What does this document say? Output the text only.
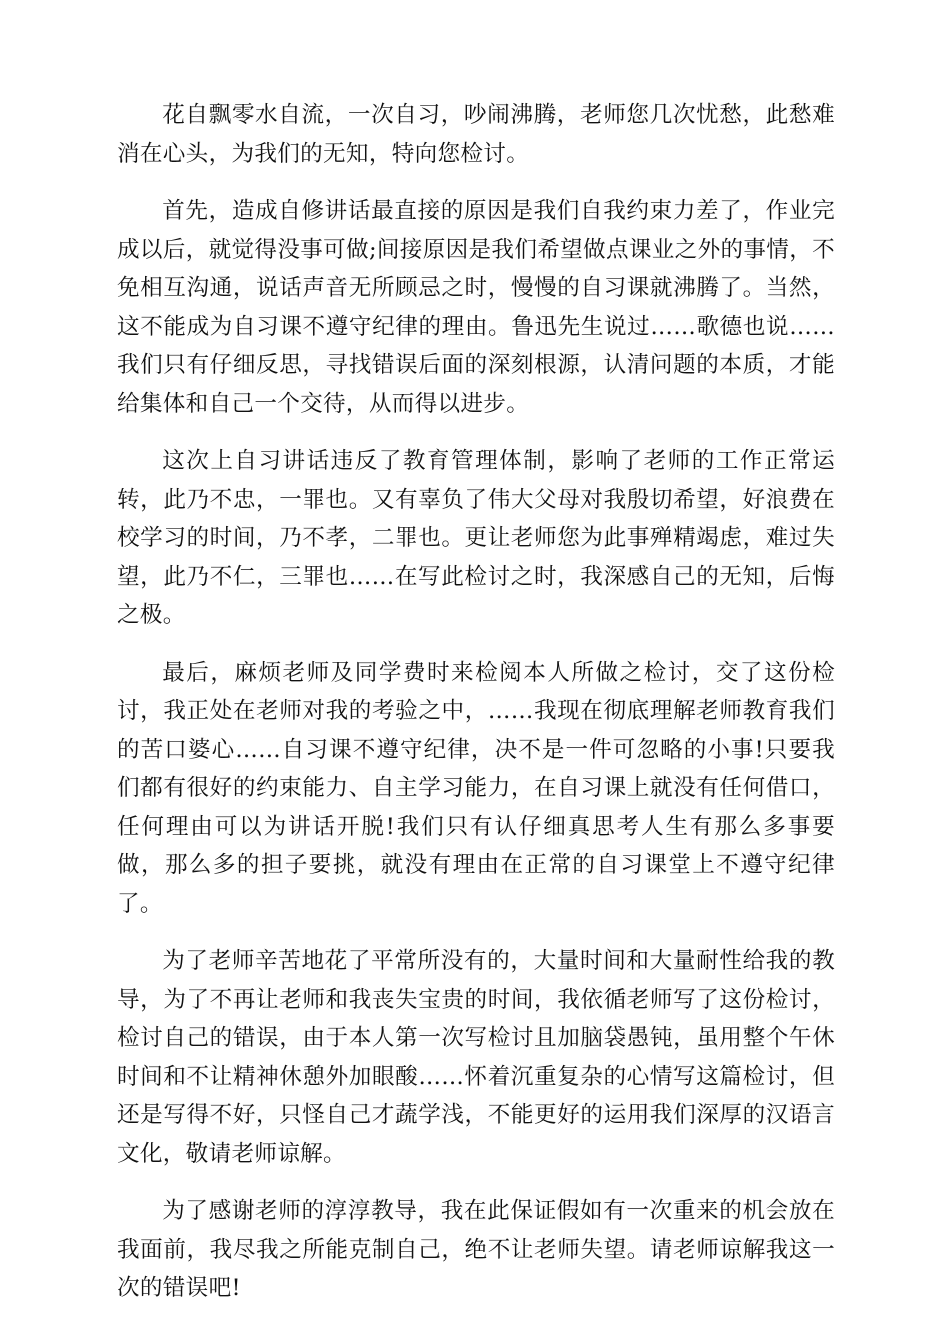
花自飘零水自流，一次自习，吵闹沸腾，老师您几次忧愁，此愁难消在心头，为我们的无知，特向您检讨。

首先，造成自修讲话最直接的原因是我们自我约束力差了，作业完成以后，就觉得没事可做;间接原因是我们希望做点课业之外的事情，不免相互沟通，说话声音无所顾忌之时，慢慢的自习课就沸腾了。当然，这不能成为自习课不遵守纪律的理由。鲁迅先生说过……歌德也说……我们只有仔细反思，寻找错误后面的深刻根源，认清问题的本质，才能给集体和自己一个交待，从而得以进步。

这次上自习讲话违反了教育管理体制，影响了老师的工作正常运转，此乃不忠，一罪也。又有辜负了伟大父母对我殷切希望，好浪费在校学习的时间，乃不孝，二罪也。更让老师您为此事殚精竭虑，难过失望，此乃不仁，三罪也……在写此检讨之时，我深感自己的无知，后悔之极。

最后，麻烦老师及同学费时来检阅本人所做之检讨，交了这份检讨，我正处在老师对我的考验之中，……我现在彻底理解老师教育我们的苦口婆心……自习课不遵守纪律，决不是一件可忽略的小事!只要我们都有很好的约束能力、自主学习能力，在自习课上就没有任何借口，任何理由可以为讲话开脱!我们只有认仔细真思考人生有那么多事要做，那么多的担子要挑，就没有理由在正常的自习课堂上不遵守纪律了。

为了老师辛苦地花了平常所没有的，大量时间和大量耐性给我的教导，为了不再让老师和我丧失宝贵的时间，我依循老师写了这份检讨，检讨自己的错误，由于本人第一次写检讨且加脑袋愚钝，虽用整个午休时间和不让精神休憩外加眼酸……怀着沉重复杂的心情写这篇检讨，但还是写得不好，只怪自己才蔬学浅，不能更好的运用我们深厚的汉语言文化，敬请老师谅解。

为了感谢老师的淳淳教导，我在此保证假如有一次重来的机会放在我面前，我尽我之所能克制自己，绝不让老师失望。请老师谅解我这一次的错误吧!
